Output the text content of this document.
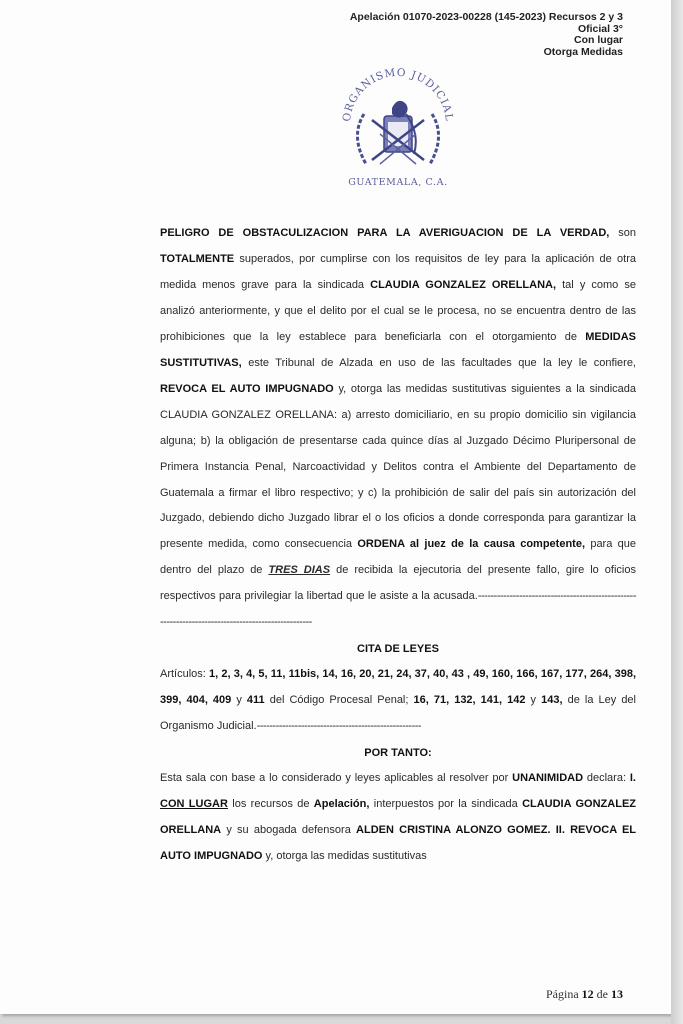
Apelación 01070-2023-00228 (145-2023) Recursos 2 y 3
Oficial 3°
Con lugar
Otorga Medidas
ORGANISMO JUDICIAL
GUATEMALA, C.A.

PELIGRO DE OBSTACULIZACION PARA LA AVERIGUACION DE LA VERDAD, son TOTALMENTE superados, por cumplirse con los requisitos de ley para la aplicación de otra medida menos grave para la sindicada CLAUDIA GONZALEZ ORELLANA, tal y como se analizó anteriormente, y que el delito por el cual se le procesa, no se encuentra dentro de las prohibiciones que la ley establece para beneficiarla con el otorgamiento de MEDIDAS SUSTITUTIVAS, este Tribunal de Alzada en uso de las facultades que la ley le confiere, REVOCA EL AUTO IMPUGNADO y, otorga las medidas sustitutivas siguientes a la sindicada CLAUDIA GONZALEZ ORELLANA: a) arresto domiciliario, en su propio domicilio sin vigilancia alguna; b) la obligación de presentarse cada quince días al Juzgado Décimo Pluripersonal de Primera Instancia Penal, Narcoactividad y Delitos contra el Ambiente del Departamento de Guatemala a firmar el libro respectivo; y c) la prohibición de salir del país sin autorización del Juzgado, debiendo dicho Juzgado librar el o los oficios a donde corresponda para garantizar la presente medida, como consecuencia ORDENA al juez de la causa competente, para que dentro del plazo de TRES DIAS de recibida la ejecutoria del presente fallo, gire lo oficios respectivos para privilegiar la libertad que le asiste a la acusada.--------------------------------------------------------------------------------------------------

CITA DE LEYES

Artículos: 1, 2, 3, 4, 5, 11, 11bis, 14, 16, 20, 21, 24, 37, 40, 43 , 49, 160, 166, 167, 177, 264, 398, 399, 404, 409 y 411 del Código Procesal Penal; 16, 71, 132, 141, 142 y 143, de la Ley del Organismo Judicial.----------------------------------------------------

POR TANTO:

Esta sala con base a lo considerado y leyes aplicables al resolver por UNANIMIDAD declara: I. CON LUGAR los recursos de Apelación, interpuestos por la sindicada CLAUDIA GONZALEZ ORELLANA y su abogada defensora ALDEN CRISTINA ALONZO GOMEZ. II. REVOCA EL AUTO IMPUGNADO y, otorga las medidas sustitutivas

Página 12 de 13
